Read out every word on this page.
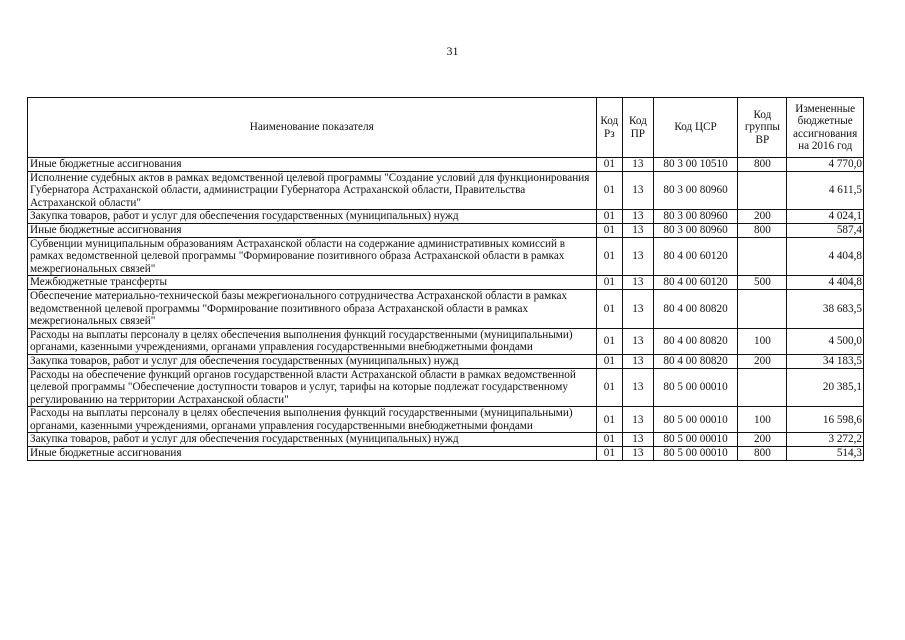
31
Наименование показателя	Код Рз	Код ПР	Код ЦСР	Код группы ВР	Измененные бюджетные ассигнования на 2016 год
Иные бюджетные ассигнования	01	13	80 3 00 10510	800	4 770,0
Исполнение судебных актов в рамках ведомственной целевой программы "Создание условий для функционирования Губернатора Астраханской области, администрации Губернатора Астраханской области, Правительства Астраханской области"	01	13	80 3 00 80960		4 611,5
Закупка товаров, работ и услуг для обеспечения государственных (муниципальных) нужд	01	13	80 3 00 80960	200	4 024,1
Иные бюджетные ассигнования	01	13	80 3 00 80960	800	587,4
Субвенции муниципальным образованиям Астраханской области на содержание административных комиссий в рамках ведомственной целевой программы "Формирование позитивного образа Астраханской области в рамках межрегиональных связей"	01	13	80 4 00 60120		4 404,8
Межбюджетные трансферты	01	13	80 4 00 60120	500	4 404,8
Обеспечение материально-технической базы межрегионального сотрудничества Астраханской области в рамках ведомственной целевой программы "Формирование позитивного образа Астраханской области в рамках межрегиональных связей"	01	13	80 4 00 80820		38 683,5
Расходы на выплаты персоналу в целях обеспечения выполнения функций государственными (муниципальными) органами, казенными учреждениями, органами управления государственными внебюджетными фондами	01	13	80 4 00 80820	100	4 500,0
Закупка товаров, работ и услуг для обеспечения государственных (муниципальных) нужд	01	13	80 4 00 80820	200	34 183,5
Расходы на обеспечение функций органов государственной власти Астраханской области в рамках ведомственной целевой программы "Обеспечение доступности товаров и услуг, тарифы на которые подлежат государственному регулированию на территории Астраханской области"	01	13	80 5 00 00010		20 385,1
Расходы на выплаты персоналу в целях обеспечения выполнения функций государственными (муниципальными) органами, казенными учреждениями, органами управления государственными внебюджетными фондами	01	13	80 5 00 00010	100	16 598,6
Закупка товаров, работ и услуг для обеспечения государственных (муниципальных) нужд	01	13	80 5 00 00010	200	3 272,2
Иные бюджетные ассигнования	01	13	80 5 00 00010	800	514,3
